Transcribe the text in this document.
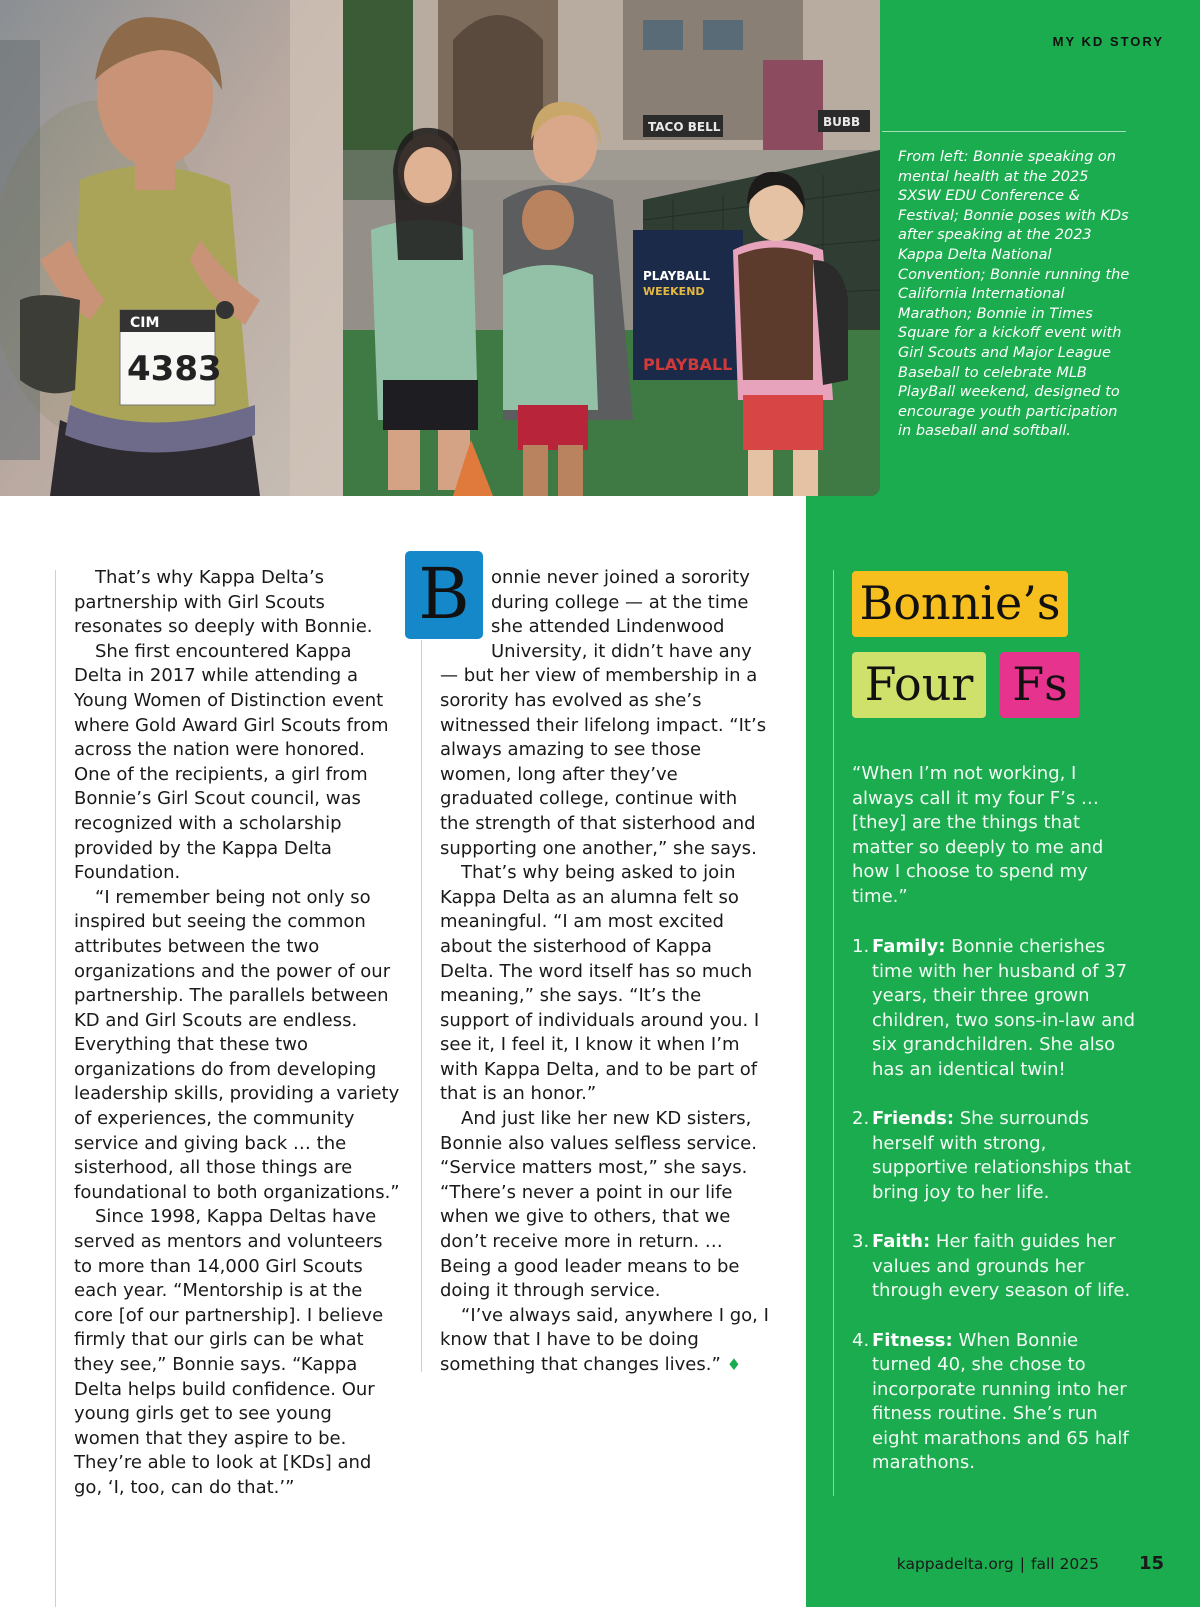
CIM
4383
TACO BELL	BUBB
PLAYBALL
WEEKEND
PLAYBALL
MY KD STORY

From left: Bonnie speaking on mental health at the 2025 SXSW EDU Conference & Festival; Bonnie poses with KDs after speaking at the 2023 Kappa Delta National Convention; Bonnie running the California International Marathon; Bonnie in Times Square for a kickoff event with Girl Scouts and Major League Baseball to celebrate MLB PlayBall weekend, designed to encourage youth participation in baseball and softball.

That’s why Kappa Delta’s partnership with Girl Scouts resonates so deeply with Bonnie.

She first encountered Kappa Delta in 2017 while attending a Young Women of Distinction event where Gold Award Girl Scouts from across the nation were honored. One of the recipients, a girl from Bonnie’s Girl Scout council, was recognized with a scholarship provided by the Kappa Delta Foundation.

“I remember being not only so inspired but seeing the common attributes between the two organizations and the power of our partnership. The parallels between KD and Girl Scouts are endless. Everything that these two organizations do from developing leadership skills, providing a variety of experiences, the community service and giving back … the sisterhood, all those things are foundational to both organizations.”

Since 1998, Kappa Deltas have served as mentors and volunteers to more than 14,000 Girl Scouts each year. “Mentorship is at the core [of our partnership]. I believe firmly that our girls can be what they see,” Bonnie says. “Kappa Delta helps build confidence. Our young girls get to see young women that they aspire to be. They’re able to look at [KDs] and go, ‘I, too, can do that.’”

B	onnie never joined a sorority during college — at the time she attended Lindenwood University, it didn’t have any — but her view of membership in a sorority has evolved as she’s witnessed their lifelong impact. “It’s always amazing to see those women, long after they’ve graduated college, continue with the strength of that sisterhood and supporting one another,” she says.

That’s why being asked to join Kappa Delta as an alumna felt so meaningful. “I am most excited about the sisterhood of Kappa Delta. The word itself has so much meaning,” she says. “It’s the support of individuals around you. I see it, I feel it, I know it when I’m with Kappa Delta, and to be part of that is an honor.”

And just like her new KD sisters, Bonnie also values selfless service. “Service matters most,” she says. “There’s never a point in our life when we give to others, that we don’t receive more in return. … Being a good leader means to be doing it through service.

“I’ve always said, anywhere I go, I know that I have to be doing something that changes lives.” ♦

Bonnie’s
Four Fs

“When I’m not working, I always call it my four F’s … [they] are the things that matter so deeply to me and how I choose to spend my time.”

1. Family: Bonnie cherishes time with her husband of 37 years, their three grown children, two sons-in-law and six grandchildren. She also has an identical twin!
2. Friends: She surrounds herself with strong, supportive relationships that bring joy to her life.
3. Faith: Her faith guides her values and grounds her through every season of life.
4. Fitness: When Bonnie turned 40, she chose to incorporate running into her fitness routine. She’s run eight marathons and 65 half marathons.
kappadelta.org | fall 2025 15
